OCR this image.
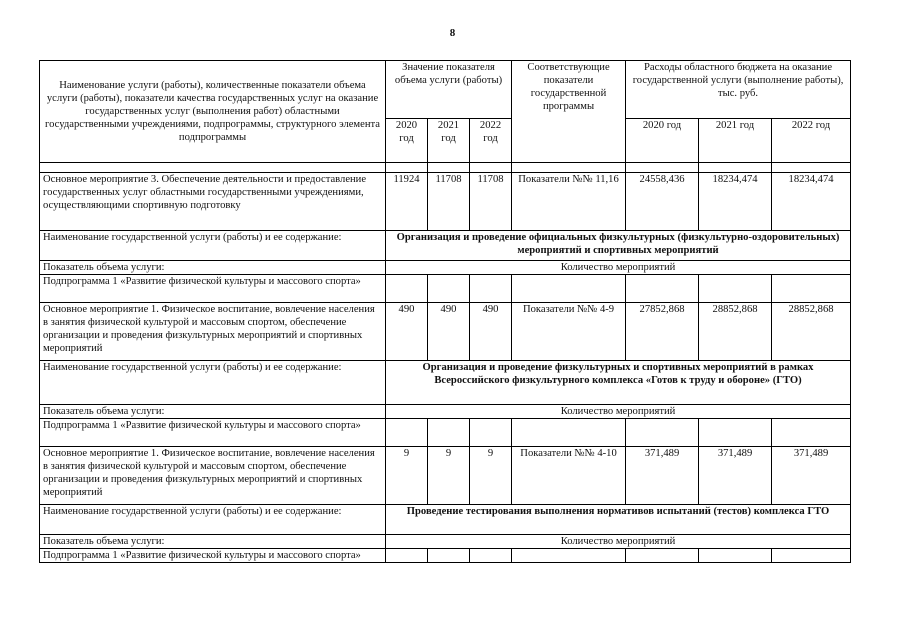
8
Наименование услуги (работы), количественные показатели объема услуги (работы), показатели качества государственных услуг на оказание государственных услуг (выполнения работ) областными государственными учреждениями, подпрограммы, структурного элемента подпрограммы	Значение показателя объема услуги (работы)			Соответствующие показатели государственной программы	Расходы областного бюджета на оказание государственной услуги (выполнение работы), тыс. руб.		
	2020 год	2021 год	2022 год		2020 год	2021 год	2022 год

Основное мероприятие 3. Обеспечение деятельности и предоставление государственных услуг областными государственными учреждениями, осуществляющими спортивную подготовку	11924	11708	11708	Показатели №№ 11,16	24558,436	18234,474	18234,474
Наименование государственной услуги (работы) и ее содержание:	Организация и проведение официальных физкультурных (физкультурно-оздоровительных) мероприятий и спортивных мероприятий						
Показатель объема услуги:	Количество мероприятий						
Подпрограмма 1 «Развитие физической культуры и массового спорта»							
Основное мероприятие 1. Физическое воспитание, вовлечение населения в занятия физической культурой и массовым спортом, обеспечение организации и проведения физкультурных мероприятий и спортивных мероприятий	490	490	490	Показатели №№ 4-9	27852,868	28852,868	28852,868
Наименование государственной услуги (работы) и ее содержание:	Организация и проведение физкультурных и спортивных мероприятий в рамках Всероссийского физкультурного комплекса «Готов к труду и обороне» (ГТО)						
Показатель объема услуги:	Количество мероприятий						
Подпрограмма 1 «Развитие физической культуры и массового спорта»							
Основное мероприятие 1. Физическое воспитание, вовлечение населения в занятия физической культурой и массовым спортом, обеспечение организации и проведения физкультурных мероприятий и спортивных мероприятий	9	9	9	Показатели №№ 4-10	371,489	371,489	371,489
Наименование государственной услуги (работы) и ее содержание:	Проведение тестирования выполнения нормативов испытаний (тестов) комплекса ГТО						
Показатель объема услуги:	Количество мероприятий						
Подпрограмма 1 «Развитие физической культуры и массового спорта»							
